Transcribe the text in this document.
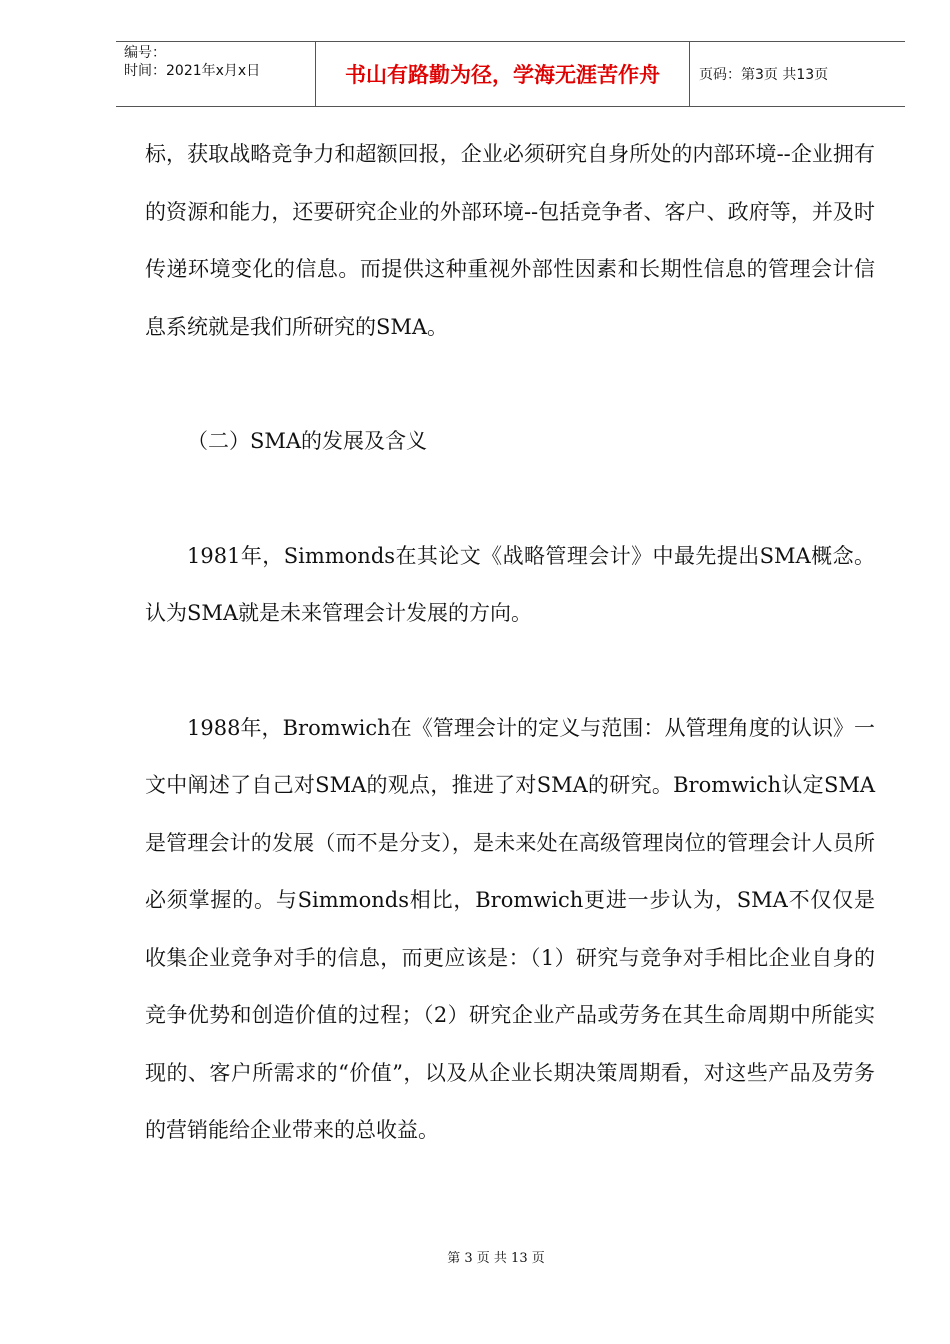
编号：
时间：2021年x月x日	书山有路勤为径，学海无涯苦作舟	页码：第3页 共13页

标，获取战略竞争力和超额回报，企业必须研究自身所处的内部环境--企业拥有的资源和能力，还要研究企业的外部环境--包括竞争者、客户、政府等，并及时传递环境变化的信息。而提供这种重视外部性因素和长期性信息的管理会计信息系统就是我们所研究的SMA。

（二）SMA的发展及含义

1981年，Simmonds在其论文《战略管理会计》中最先提出SMA概念。认为SMA就是未来管理会计发展的方向。

1988年，Bromwich在《管理会计的定义与范围：从管理角度的认识》一文中阐述了自己对SMA的观点，推进了对SMA的研究。Bromwich认定SMA是管理会计的发展（而不是分支），是未来处在高级管理岗位的管理会计人员所必须掌握的。与Simmonds相比，Bromwich更进一步认为，SMA不仅仅是收集企业竞争对手的信息，而更应该是：（1）研究与竞争对手相比企业自身的竞争优势和创造价值的过程；（2）研究企业产品或劳务在其生命周期中所能实现的、客户所需求的“价值”，以及从企业长期决策周期看，对这些产品及劳务的营销能给企业带来的总收益。

第 3 页 共 13 页
